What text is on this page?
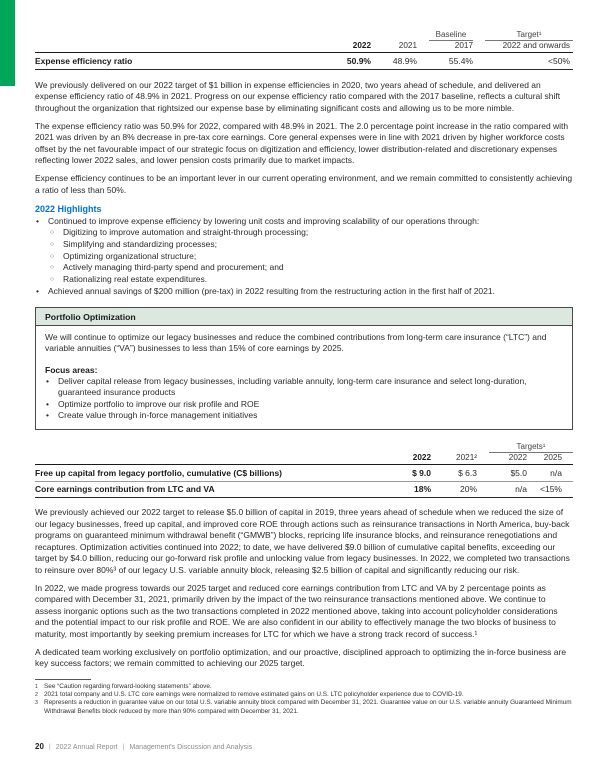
Baseline	Target¹
2022	2021	2017	2022 and onwards
Expense efficiency ratio	50.9%	48.9%	55.4%	<50%

We previously delivered on our 2022 target of $1 billion in expense efficiencies in 2020, two years ahead of schedule, and delivered an expense efficiency ratio of 48.9% in 2021. Progress on our expense efficiency ratio compared with the 2017 baseline, reflects a cultural shift throughout the organization that rightsized our expense base by eliminating significant costs and allowing us to be more nimble.

The expense efficiency ratio was 50.9% for 2022, compared with 48.9% in 2021. The 2.0 percentage point increase in the ratio compared with 2021 was driven by an 8% decrease in pre-tax core earnings. Core general expenses were in line with 2021 driven by higher workforce costs offset by the net favourable impact of our strategic focus on digitization and efficiency, lower distribution-related and discretionary expenses reflecting lower 2022 sales, and lower pension costs primarily due to market impacts.

Expense efficiency continues to be an important lever in our current operating environment, and we remain committed to consistently achieving a ratio of less than 50%.

2022 Highlights
•	Continued to improve expense efficiency by lowering unit costs and improving scalability of our operations through:
○	Digitizing to improve automation and straight-through processing;
○	Simplifying and standardizing processes;
○	Optimizing organizational structure;
○	Actively managing third-party spend and procurement; and
○	Rationalizing real estate expenditures.
•	Achieved annual savings of $200 million (pre-tax) in 2022 resulting from the restructuring action in the first half of 2021.
Portfolio Optimization

We will continue to optimize our legacy businesses and reduce the combined contributions from long-term care insurance (“LTC”) and variable annuities (“VA”) businesses to less than 15% of core earnings by 2025.

Focus areas:
•	Deliver capital release from legacy businesses, including variable annuity, long-term care insurance and select long-duration, guaranteed insurance products
•	Optimize portfolio to improve our risk profile and ROE
•	Create value through in-force management initiatives
Targets¹
2022	2021²	2022	2025
Free up capital from legacy portfolio, cumulative (C$ billions)	$ 9.0	$ 6.3	$5.0	n/a
Core earnings contribution from LTC and VA	18%	20%	n/a	<15%

We previously achieved our 2022 target to release $5.0 billion of capital in 2019, three years ahead of schedule when we reduced the size of our legacy businesses, freed up capital, and improved core ROE through actions such as reinsurance transactions in North America, buy-back programs on guaranteed minimum withdrawal benefit (“GMWB”) blocks, repricing life insurance blocks, and reinsurance renegotiations and recaptures. Optimization activities continued into 2022; to date, we have delivered $9.0 billion of cumulative capital benefits, exceeding our target by $4.0 billion, reducing our go-forward risk profile and unlocking value from legacy businesses. In 2022, we completed two transactions to reinsure over 80%³ of our legacy U.S. variable annuity block, releasing $2.5 billion of capital and significantly reducing our risk.

In 2022, we made progress towards our 2025 target and reduced core earnings contribution from LTC and VA by 2 percentage points as compared with December 31, 2021, primarily driven by the impact of the two reinsurance transactions mentioned above. We continue to assess inorganic options such as the two transactions completed in 2022 mentioned above, taking into account policyholder considerations and the potential impact to our risk profile and ROE. We are also confident in our ability to effectively manage the two blocks of business to maturity, most importantly by seeking premium increases for LTC for which we have a strong track record of success.¹

A dedicated team working exclusively on portfolio optimization, and our proactive, disciplined approach to optimizing the in-force business are key success factors; we remain committed to achieving our 2025 target.

1 See “Caution regarding forward-looking statements” above.
2 2021 total company and U.S. LTC core earnings were normalized to remove estimated gains on U.S. LTC policyholder experience due to COVID-19.
3 Represents a reduction in guarantee value on our total U.S. variable annuity block compared with December 31, 2021. Guarantee value on our U.S. variable annuity Guaranteed Minimum Withdrawal Benefits block reduced by more than 90% compared with December 31, 2021.
20 | 2022 Annual Report | Management's Discussion and Analysis
